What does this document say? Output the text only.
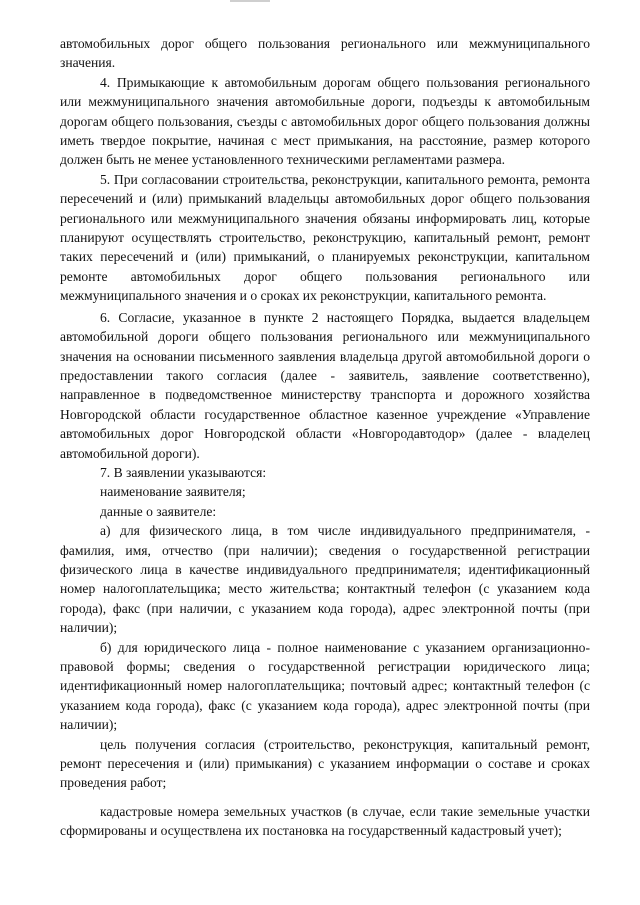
автомобильных дорог общего пользования регионального или межмуниципального значения.

4. Примыкающие к автомобильным дорогам общего пользования регионального или межмуниципального значения автомобильные дороги, подъезды к автомобильным дорогам общего пользования, съезды с автомобильных дорог общего пользования должны иметь твердое покрытие, начиная с мест примыкания, на расстояние, размер которого должен быть не менее установленного техническими регламентами размера.

5. При согласовании строительства, реконструкции, капитального ремонта, ремонта пересечений и (или) примыканий владельцы автомобильных дорог общего пользования регионального или межмуниципального значения обязаны информировать лиц, которые планируют осуществлять строительство, реконструкцию, капитальный ремонт, ремонт таких пересечений и (или) примыканий, о планируемых реконструкции, капитальном ремонте автомобильных дорог общего пользования регионального или межмуниципального значения и о сроках их реконструкции, капитального ремонта.

6. Согласие, указанное в пункте 2 настоящего Порядка, выдается владельцем автомобильной дороги общего пользования регионального или межмуниципального значения на основании письменного заявления владельца другой автомобильной дороги о предоставлении такого согласия (далее - заявитель, заявление соответственно), направленное в подведомственное министерству транспорта и дорожного хозяйства Новгородской области государственное областное казенное учреждение «Управление автомобильных дорог Новгородской области «Новгородавтодор» (далее - владелец автомобильной дороги).

7. В заявлении указываются:

наименование заявителя;

данные о заявителе:

а) для физического лица, в том числе индивидуального предпринимателя, - фамилия, имя, отчество (при наличии); сведения о государственной регистрации физического лица в качестве индивидуального предпринимателя; идентификационный номер налогоплательщика; место жительства; контактный телефон (с указанием кода города), факс (при наличии, с указанием кода города), адрес электронной почты (при наличии);

б) для юридического лица - полное наименование с указанием организационно-правовой формы; сведения о государственной регистрации юридического лица; идентификационный номер налогоплательщика; почтовый адрес; контактный телефон (с указанием кода города), факс (с указанием кода города), адрес электронной почты (при наличии);

цель получения согласия (строительство, реконструкция, капитальный ремонт, ремонт пересечения и (или) примыкания) с указанием информации о составе и сроках проведения работ;

кадастровые номера земельных участков (в случае, если такие земельные участки сформированы и осуществлена их постановка на государственный кадастровый учет);
